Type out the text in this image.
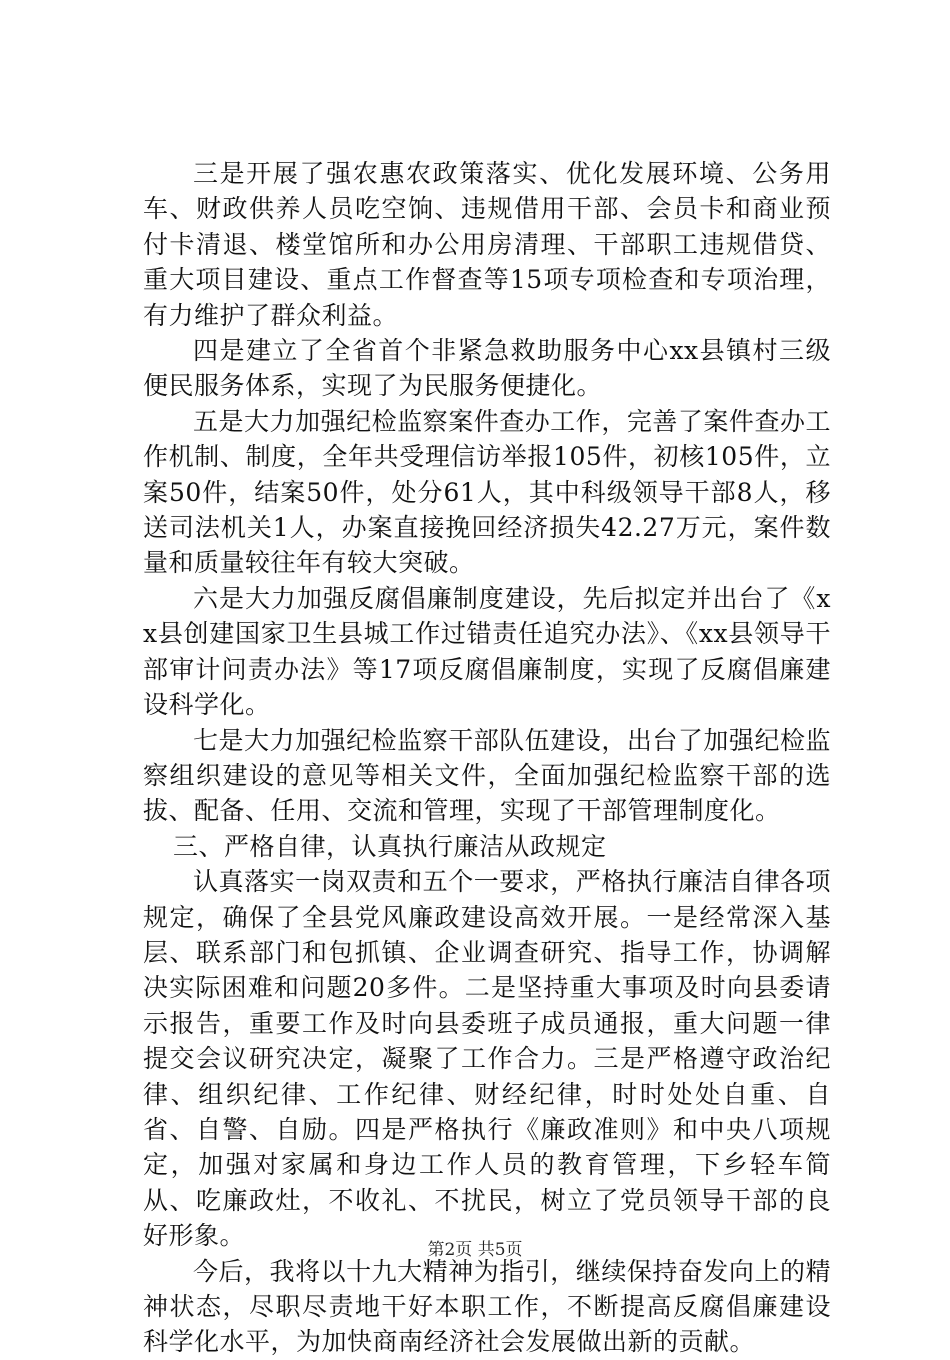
三是开展了强农惠农政策落实、优化发展环境、公务用车、财政供养人员吃空饷、违规借用干部、会员卡和商业预付卡清退、楼堂馆所和办公用房清理、干部职工违规借贷、重大项目建设、重点工作督查等15项专项检查和专项治理，有力维护了群众利益。

四是建立了全省首个非紧急救助服务中心xx县镇村三级便民服务体系，实现了为民服务便捷化。

五是大力加强纪检监察案件查办工作，完善了案件查办工作机制、制度，全年共受理信访举报105件，初核105件，立案50件，结案50件，处分61人，其中科级领导干部8人，移送司法机关1人，办案直接挽回经济损失42.27万元，案件数量和质量较往年有较大突破。

六是大力加强反腐倡廉制度建设，先后拟定并出台了《xx县创建国家卫生县城工作过错责任追究办法》、《xx县领导干部审计问责办法》等17项反腐倡廉制度，实现了反腐倡廉建设科学化。

七是大力加强纪检监察干部队伍建设，出台了加强纪检监察组织建设的意见等相关文件，全面加强纪检监察干部的选拔、配备、任用、交流和管理，实现了干部管理制度化。

三、严格自律，认真执行廉洁从政规定

认真落实一岗双责和五个一要求，严格执行廉洁自律各项规定，确保了全县党风廉政建设高效开展。一是经常深入基层、联系部门和包抓镇、企业调查研究、指导工作，协调解决实际困难和问题20多件。二是坚持重大事项及时向县委请示报告，重要工作及时向县委班子成员通报，重大问题一律提交会议研究决定，凝聚了工作合力。三是严格遵守政治纪律、组织纪律、工作纪律、财经纪律，时时处处自重、自省、自警、自励。四是严格执行《廉政准则》和中央八项规定，加强对家属和身边工作人员的教育管理，下乡轻车简从、吃廉政灶，不收礼、不扰民，树立了党员领导干部的良好形象。

今后，我将以十九大精神为指引，继续保持奋发向上的精神状态，尽职尽责地干好本职工作，不断提高反腐倡廉建设科学化水平，为加快商南经济社会发展做出新的贡献。

第2页 共5页
